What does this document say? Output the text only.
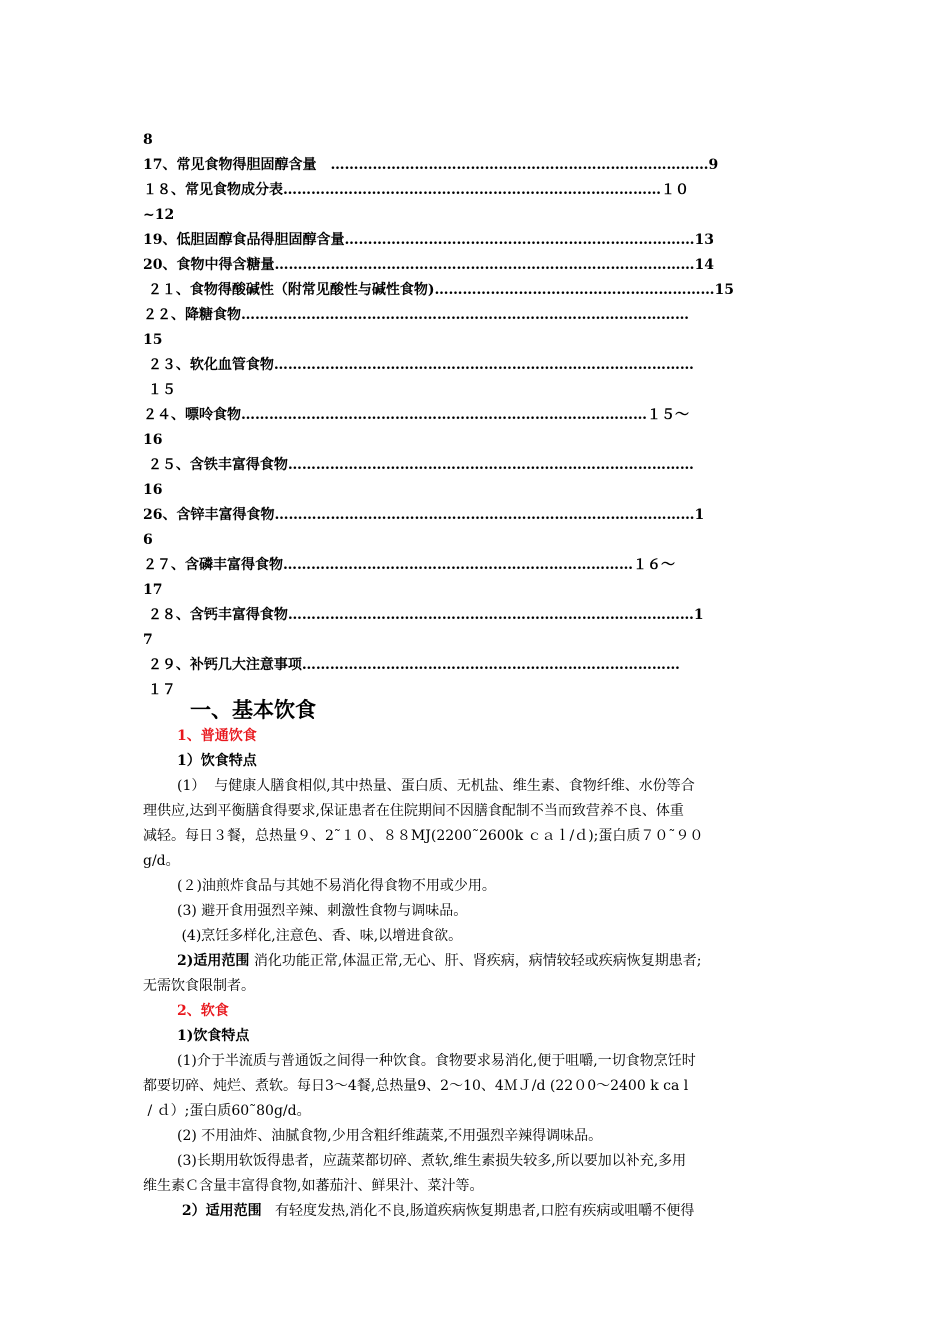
8
17、常见食物得胆固醇含量　………………………………………………………………………9
１８、常见食物成分表………………………………………………………………………１０
~12
19、低胆固醇食品得胆固醇含量…………………………………………………………………13
20、食物中得含糖量………………………………………………………………………………14
２１、食物得酸碱性（附常见酸性与碱性食物)……………………………………………………15
２２、降糖食物……………………………………………………………………………………
15
２３、软化血管食物………………………………………………………………………………
１５
２４、嘌呤食物……………………………………………………………………………１５～
16
２５、含铁丰富得食物……………………………………………………………………………
16
26、含锌丰富得食物………………………………………………………………………………1
6
２７、含磷丰富得食物…………………………………………………………………１６～
17
２８、含钙丰富得食物……………………………………………………………………………1
7
２９、补钙几大注意事项………………………………………………………………………
１７
一、基本饮食
1、普通饮食
1）饮食特点
(1）  与健康人膳食相似,其中热量、蛋白质、无机盐、维生素、食物纤维、水份等合
理供应,达到平衡膳食得要求,保证患者在住院期间不因膳食配制不当而致营养不良、体重
减轻。每日３餐，总热量９、2˜１０、８８MJ(2200˜2600k ｃａｌ/ｄ);蛋白质７０˜９０
g/d。
(２)油煎炸食品与其她不易消化得食物不用或少用。
(3) 避开食用强烈辛辣、刺激性食物与调味品。
(4)烹饪多样化,注意色、香、味,以增进食欲。
2)适用范围 消化功能正常,体温正常,无心、肝、肾疾病，病情较轻或疾病恢复期患者;
无需饮食限制者。
2、软食
1)饮食特点
(1)介于半流质与普通饭之间得一种饮食。食物要求易消化,便于咀嚼,一切食物烹饪时
都要切碎、炖烂、煮软。每日3～4餐,总热量9、2～10、4ＭＪ/d (22０0～2400 k ca l
/ ｄ）;蛋白质60˜80g/d。
(2) 不用油炸、油腻食物,少用含粗纤维蔬菜,不用强烈辛辣得调味品。
(3)长期用软饭得患者，应蔬菜都切碎、煮软,维生素损失较多,所以要加以补充,多用
维生素Ｃ含量丰富得食物,如蕃茄汁、鲜果汁、菜汁等。
2）适用范围   有轻度发热,消化不良,肠道疾病恢复期患者,口腔有疾病或咀嚼不便得
